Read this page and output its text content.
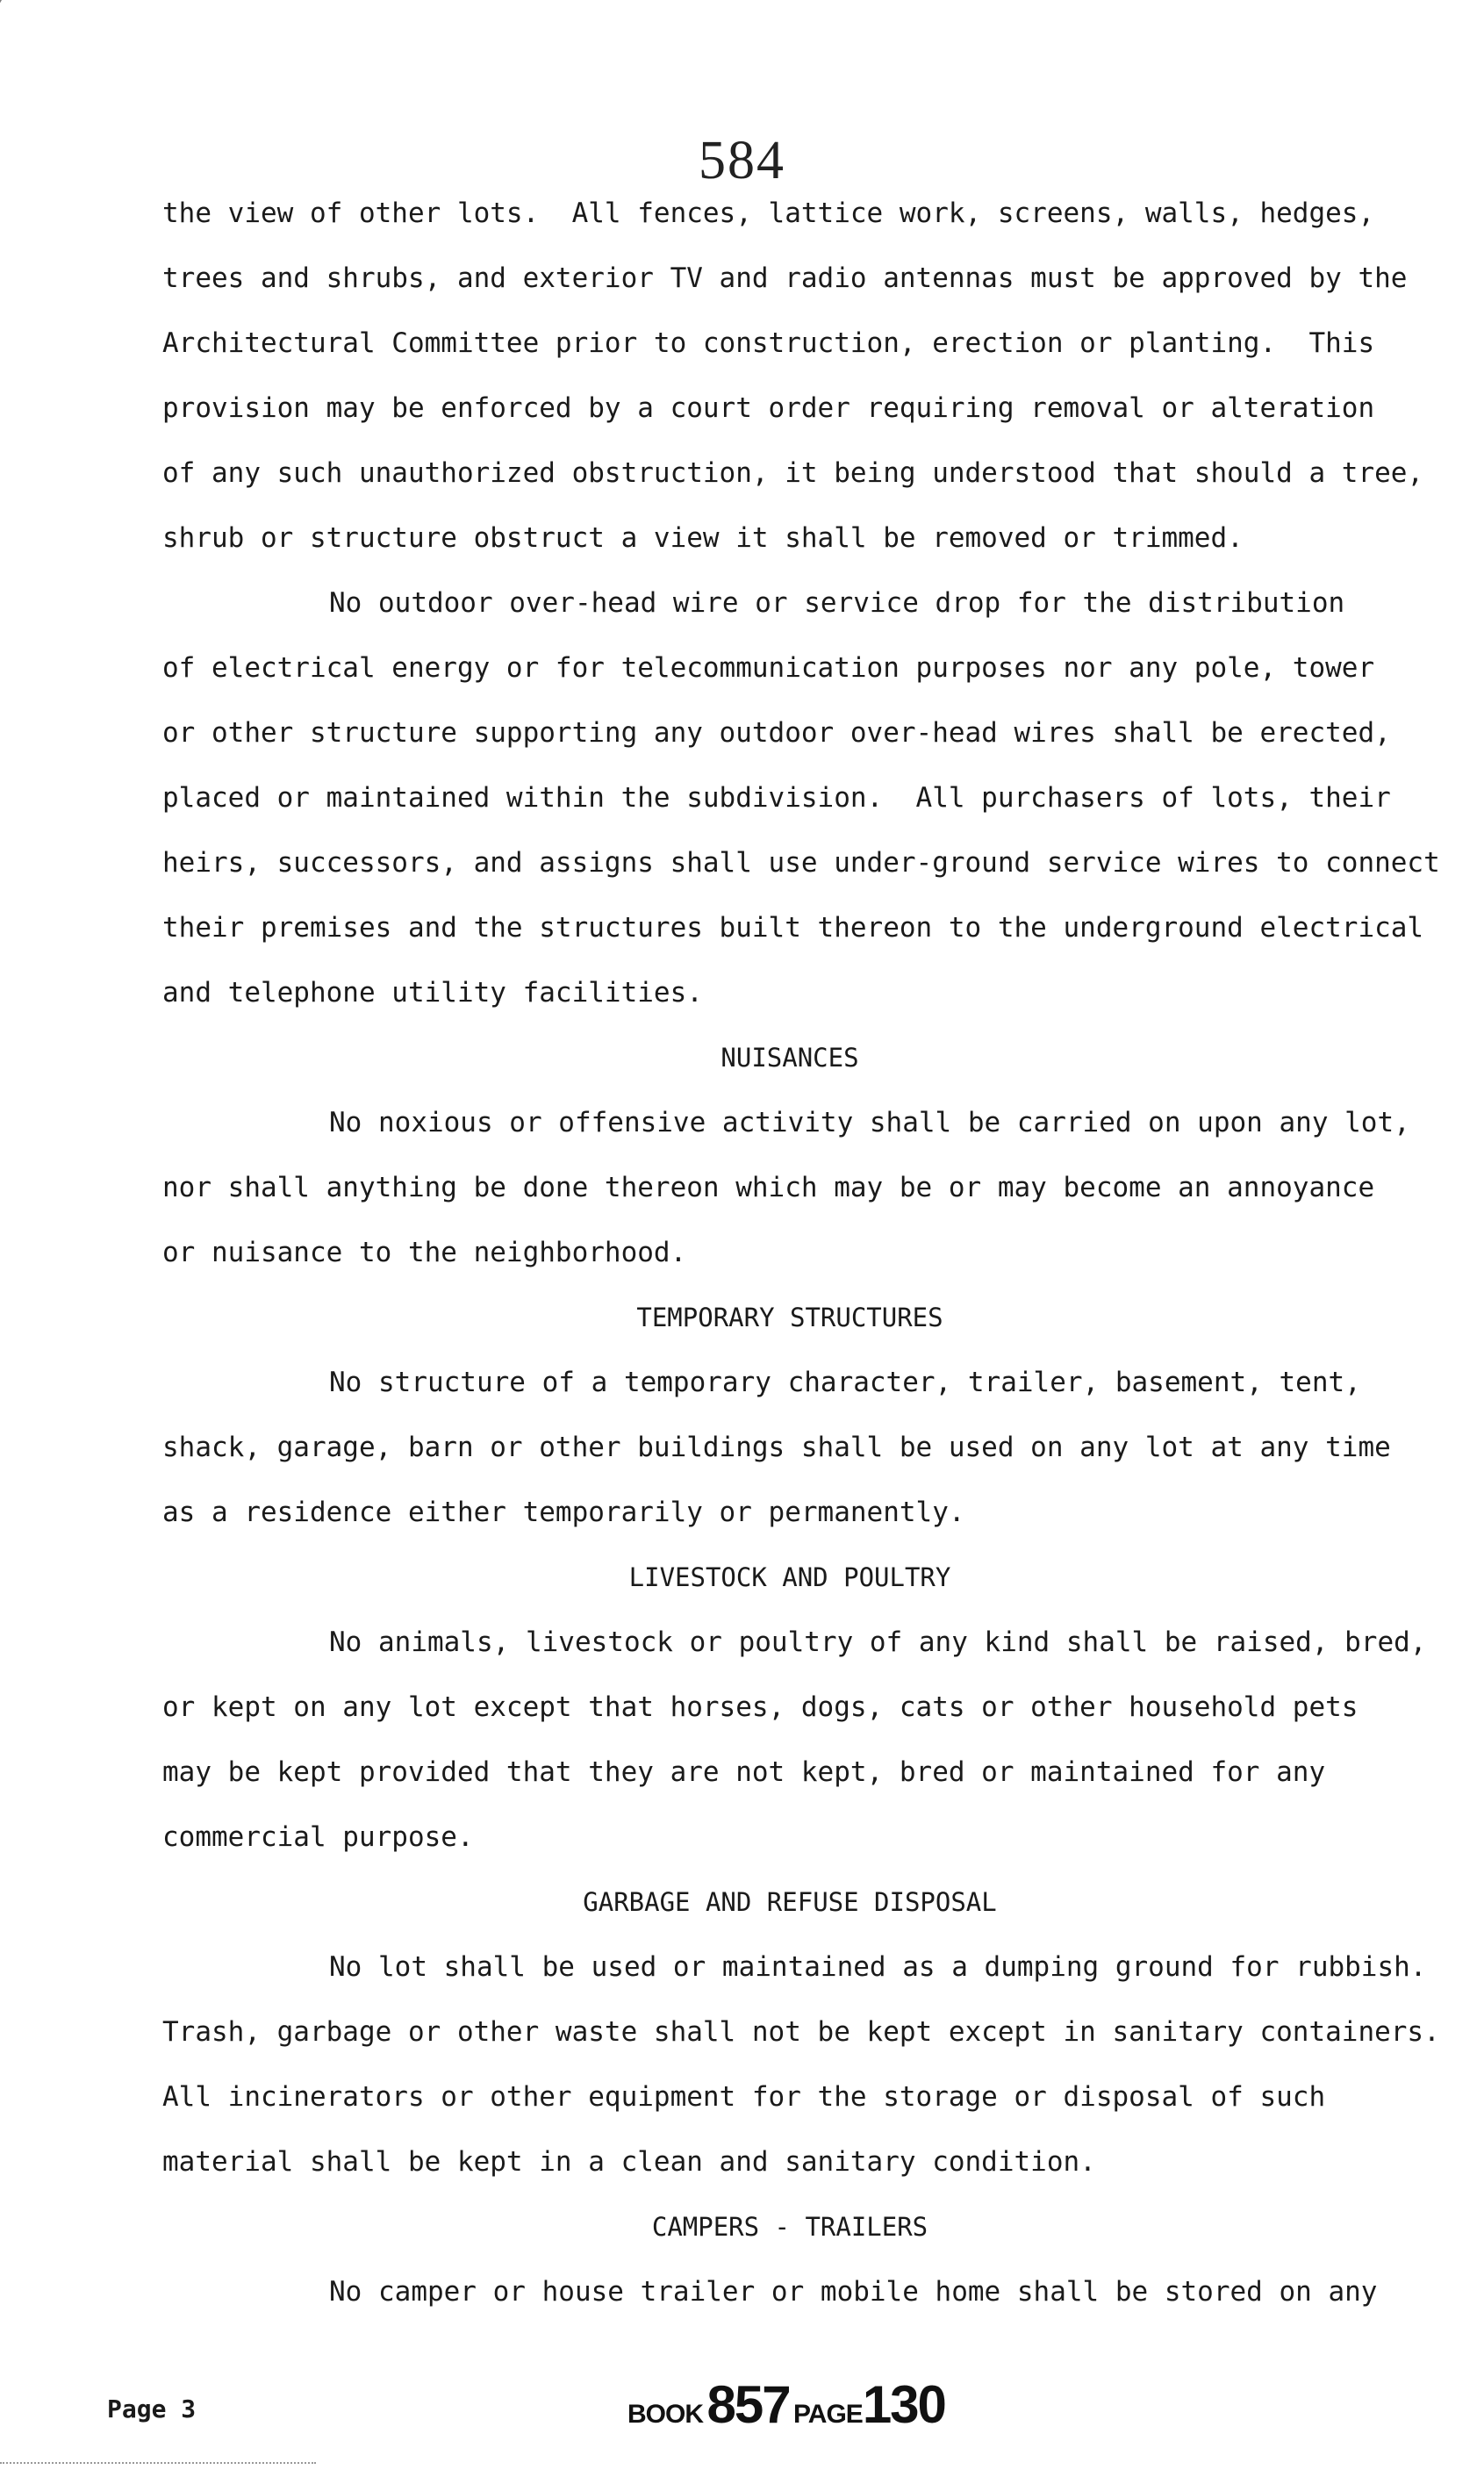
584
the view of other lots.  All fences, lattice work, screens, walls, hedges,
trees and shrubs, and exterior TV and radio antennas must be approved by the
Architectural Committee prior to construction, erection or planting.  This
provision may be enforced by a court order requiring removal or alteration
of any such unauthorized obstruction, it being understood that should a tree,
shrub or structure obstruct a view it shall be removed or trimmed.
No outdoor over-head wire or service drop for the distribution
of electrical energy or for telecommunication purposes nor any pole, tower
or other structure supporting any outdoor over-head wires shall be erected,
placed or maintained within the subdivision.  All purchasers of lots, their
heirs, successors, and assigns shall use under-ground service wires to connect
their premises and the structures built thereon to the underground electrical
and telephone utility facilities.
NUISANCES
No noxious or offensive activity shall be carried on upon any lot,
nor shall anything be done thereon which may be or may become an annoyance
or nuisance to the neighborhood.
TEMPORARY STRUCTURES
No structure of a temporary character, trailer, basement, tent,
shack, garage, barn or other buildings shall be used on any lot at any time
as a residence either temporarily or permanently.
LIVESTOCK AND POULTRY
No animals, livestock or poultry of any kind shall be raised, bred,
or kept on any lot except that horses, dogs, cats or other household pets
may be kept provided that they are not kept, bred or maintained for any
commercial purpose.
GARBAGE AND REFUSE DISPOSAL
No lot shall be used or maintained as a dumping ground for rubbish.
Trash, garbage or other waste shall not be kept except in sanitary containers.
All incinerators or other equipment for the storage or disposal of such
material shall be kept in a clean and sanitary condition.
CAMPERS - TRAILERS
No camper or house trailer or mobile home shall be stored on any
Page 3	BOOK 857 PAGE130
